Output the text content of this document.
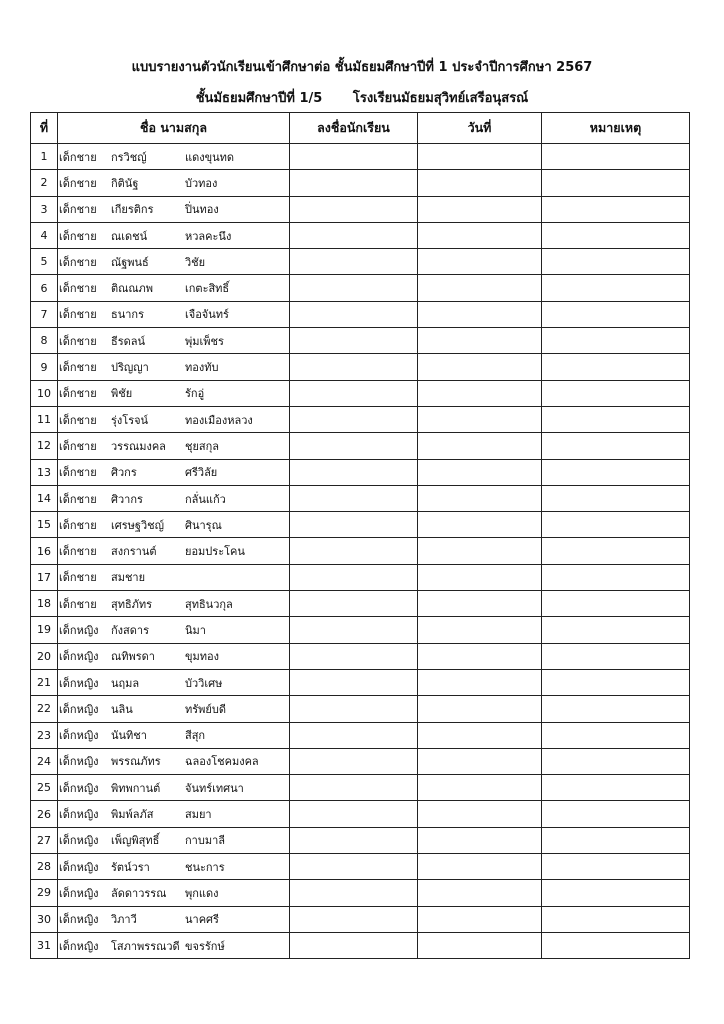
แบบรายงานตัวนักเรียนเข้าศึกษาต่อ ชั้นมัธยมศึกษาปีที่ 1 ประจำปีการศึกษา 2567
ชั้นมัธยมศึกษาปีที่ 1/5 โรงเรียนมัธยมสุวิทย์เสรีอนุสรณ์
ที่	ชื่อ นามสกุล	ลงชื่อนักเรียน	วันที่	หมายเหตุ
1	เด็กชาย กรวิชญ์ แดงขุนทด			
2	เด็กชาย กิตินัฐ บัวทอง			
3	เด็กชาย เกียรติกร ปิ่นทอง			
4	เด็กชาย ณเดชน์ หวลคะนึง			
5	เด็กชาย ณัฐพนธ์ วิชัย			
6	เด็กชาย ติณณภพ เกตะสิทธิ์			
7	เด็กชาย ธนากร เจือจันทร์			
8	เด็กชาย ธีรดลน์ พุ่มเพ็ชร			
9	เด็กชาย ปริญญา ทองทับ			
10	เด็กชาย พิชัย รักอู่			
11	เด็กชาย รุ่งโรจน์ ทองเมืองหลวง			
12	เด็กชาย วรรณมงคล ชุยสกุล			
13	เด็กชาย ศิวกร ศรีวิลัย			
14	เด็กชาย ศิวากร กลั่นแก้ว			
15	เด็กชาย เศรษฐวิชญ์ ศินารุณ			
16	เด็กชาย สงกรานต์ ยอมประโคน			
17	เด็กชาย สมชาย			
18	เด็กชาย สุทธิภัทร สุทธินวกุล			
19	เด็กหญิง กังสดาร นิมา			
20	เด็กหญิง ณทิพรดา ขุมทอง			
21	เด็กหญิง นฤมล บัววิเศษ			
22	เด็กหญิง นลิน ทรัพย์บดี			
23	เด็กหญิง นันทิชา สีสุก			
24	เด็กหญิง พรรณภัทร ฉลองโชคมงคล			
25	เด็กหญิง พิทพกานต์ จันทร์เทศนา			
26	เด็กหญิง พิมพ์ลภัส สมยา			
27	เด็กหญิง เพ็ญพิสุทธิ์ กาบมาลี			
28	เด็กหญิง รัตน์วรา ชนะการ			
29	เด็กหญิง ลัดดาวรรณ พุกแดง			
30	เด็กหญิง วิภาวี นาคศรี			
31	เด็กหญิง โสภาพรรณวดี ขจรรักษ์			
